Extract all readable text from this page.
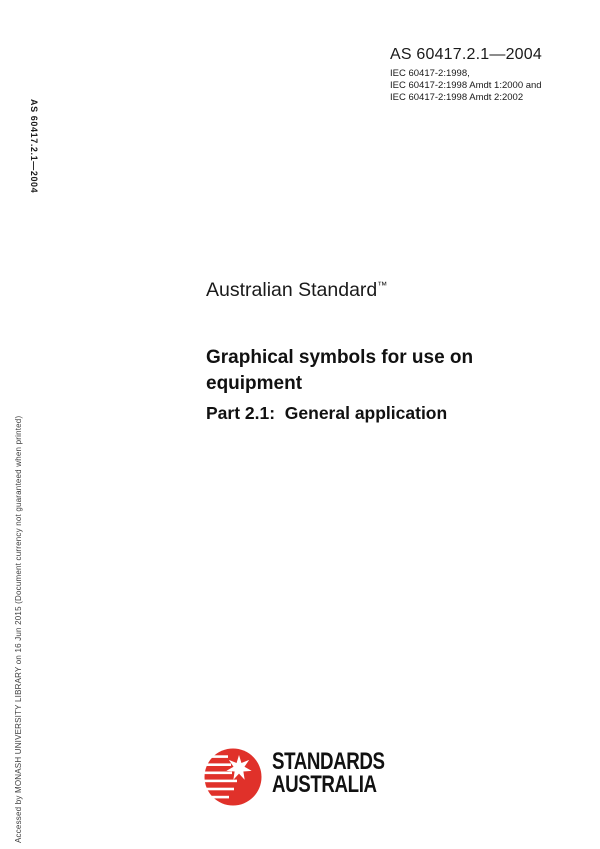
AS 60417.2.1—2004
IEC 60417-2:1998,
IEC 60417-2:1998 Amdt 1:2000 and
IEC 60417-2:1998 Amdt 2:2002
AS 60417.2.1—2004
Accessed by MONASH UNIVERSITY LIBRARY on 16 Jun 2015 (Document currency not guaranteed when printed)
Australian Standard™
Graphical symbols for use on
equipment
Part 2.1:  General application
STANDARDS
AUSTRALIA
